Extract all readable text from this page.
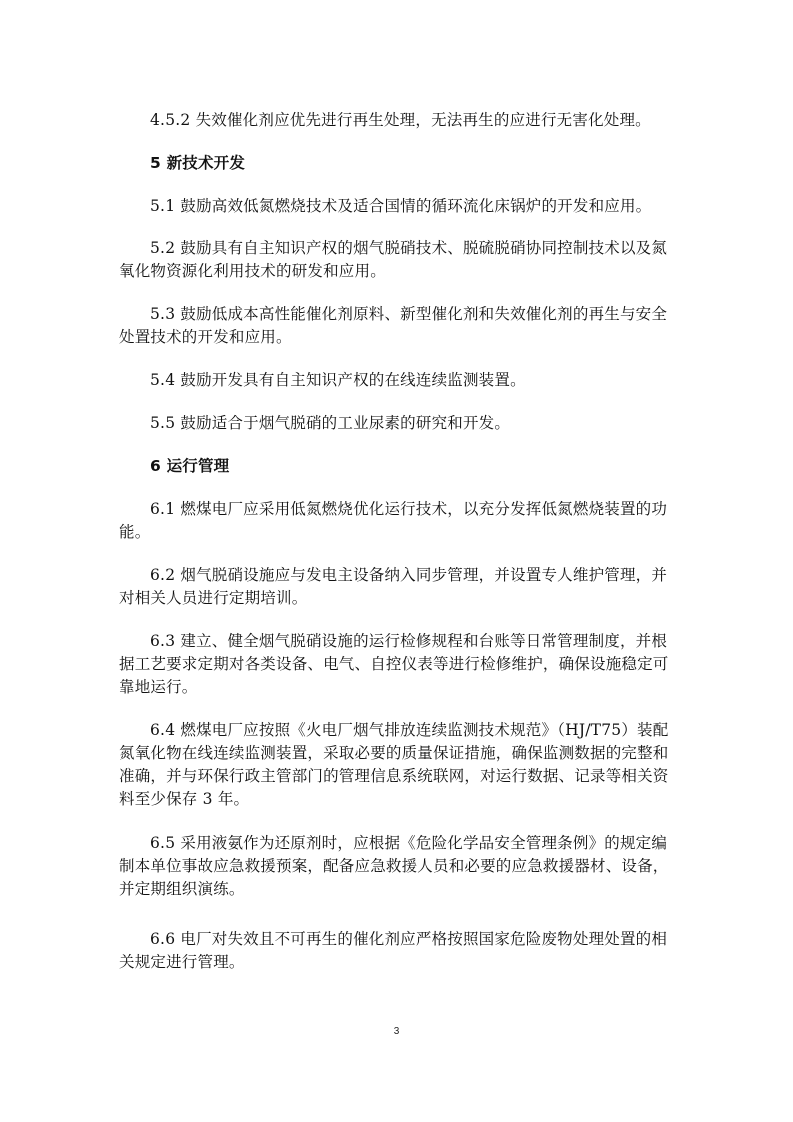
4.5.2 失效催化剂应优先进行再生处理，无法再生的应进行无害化处理。
5 新技术开发
5.1 鼓励高效低氮燃烧技术及适合国情的循环流化床锅炉的开发和应用。
5.2 鼓励具有自主知识产权的烟气脱硝技术、脱硫脱硝协同控制技术以及氮氧化物资源化利用技术的研发和应用。
5.3 鼓励低成本高性能催化剂原料、新型催化剂和失效催化剂的再生与安全处置技术的开发和应用。
5.4 鼓励开发具有自主知识产权的在线连续监测装置。
5.5 鼓励适合于烟气脱硝的工业尿素的研究和开发。
6 运行管理
6.1 燃煤电厂应采用低氮燃烧优化运行技术，以充分发挥低氮燃烧装置的功能。
6.2 烟气脱硝设施应与发电主设备纳入同步管理，并设置专人维护管理，并对相关人员进行定期培训。
6.3 建立、健全烟气脱硝设施的运行检修规程和台账等日常管理制度，并根据工艺要求定期对各类设备、电气、自控仪表等进行检修维护，确保设施稳定可靠地运行。
6.4 燃煤电厂应按照《火电厂烟气排放连续监测技术规范》（HJ/T75）装配氮氧化物在线连续监测装置，采取必要的质量保证措施，确保监测数据的完整和准确，并与环保行政主管部门的管理信息系统联网，对运行数据、记录等相关资料至少保存 3 年。
6.5 采用液氨作为还原剂时，应根据《危险化学品安全管理条例》的规定编制本单位事故应急救援预案，配备应急救援人员和必要的应急救援器材、设备，并定期组织演练。
6.6 电厂对失效且不可再生的催化剂应严格按照国家危险废物处理处置的相关规定进行管理。
3
